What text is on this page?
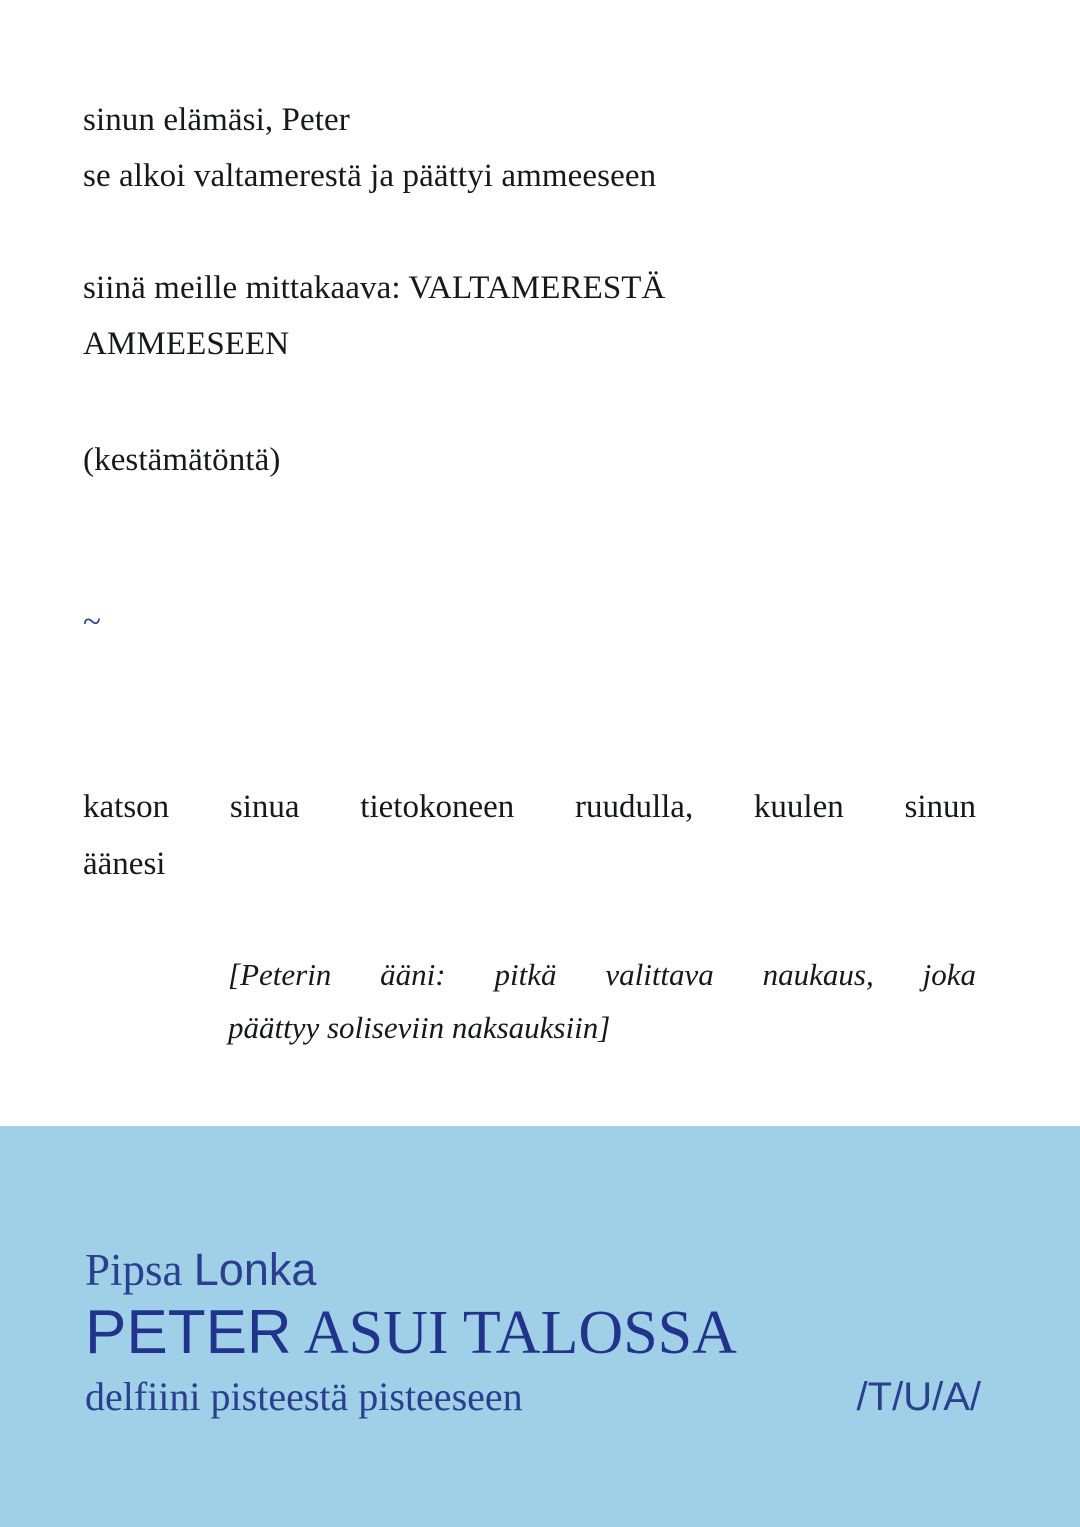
sinun elämäsi, Peter
se alkoi valtamerestä ja päättyi ammeeseen
siinä meille mittakaava: VALTAMERESTÄ
AMMEESEEN
(kestämätöntä)
~
katson sinua tietokoneen ruudulla, kuulen sinun
äänesi
[Peterin ääni: pitkä valittava naukaus, joka
päättyy soliseviin naksauksiin]
Pipsa Lonka
PETER ASUI TALOSSA
delfiini pisteestä pisteeseen	/T/U/A/
